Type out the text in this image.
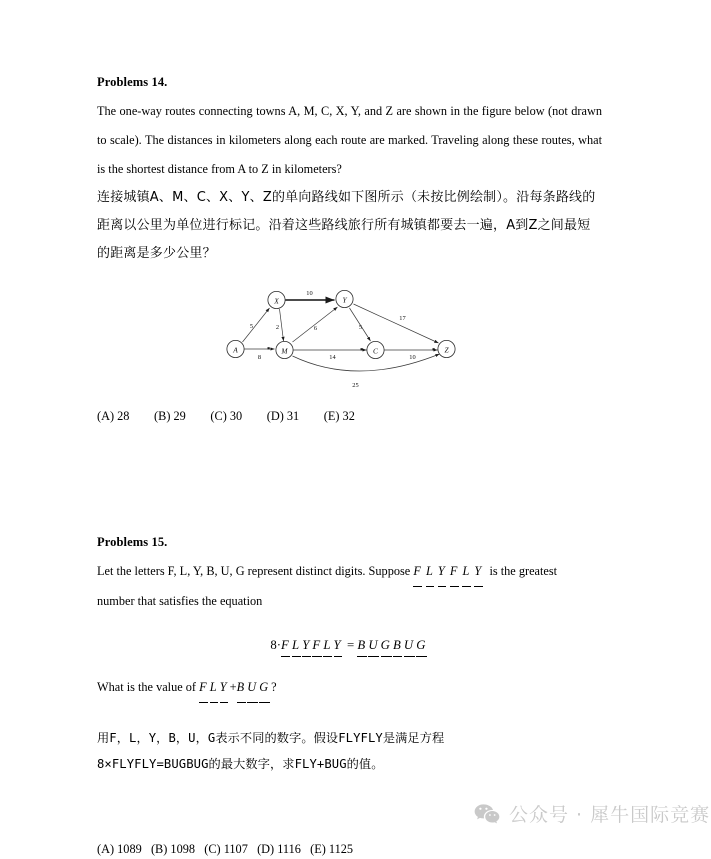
Problems 14.

The one-way routes connecting towns A, M, C, X, Y, and Z are shown in the figure below (not drawn to scale). The distances in kilometers along each route are marked. Traveling along these routes, what is the shortest distance from A to Z in kilometers?

连接城镇A、M、C、X、Y、Z的单向路线如下图所示（未按比例绘制）。沿每条路线的距离以公里为单位进行标记。沿着这些路线旅行所有城镇都要去一遍，A到Z之间最短的距离是多少公里？

A
X
M
Y
C	Z
5
8
10
2	6
14
5
17
10
25

(A) 28        (B) 29        (C) 30        (D) 31        (E) 32

Problems 15.

Let the letters F, L, Y, B, U, G represent distinct digits. Suppose F L Y F L Y is the greatest

number that satisfies the equation

8·F L Y F L Y = B U G B U G

What is the value of F L Y +B U G ?

用F，L，Y，B，U，G表示不同的数字。假设FLYFLY是满足方程

8×FLYFLY=BUGBUG的最大数字，求FLY+BUG的值。

(A) 1089   (B) 1098   (C) 1107   (D) 1116   (E) 1125

公众号 · 犀牛国际竞赛
